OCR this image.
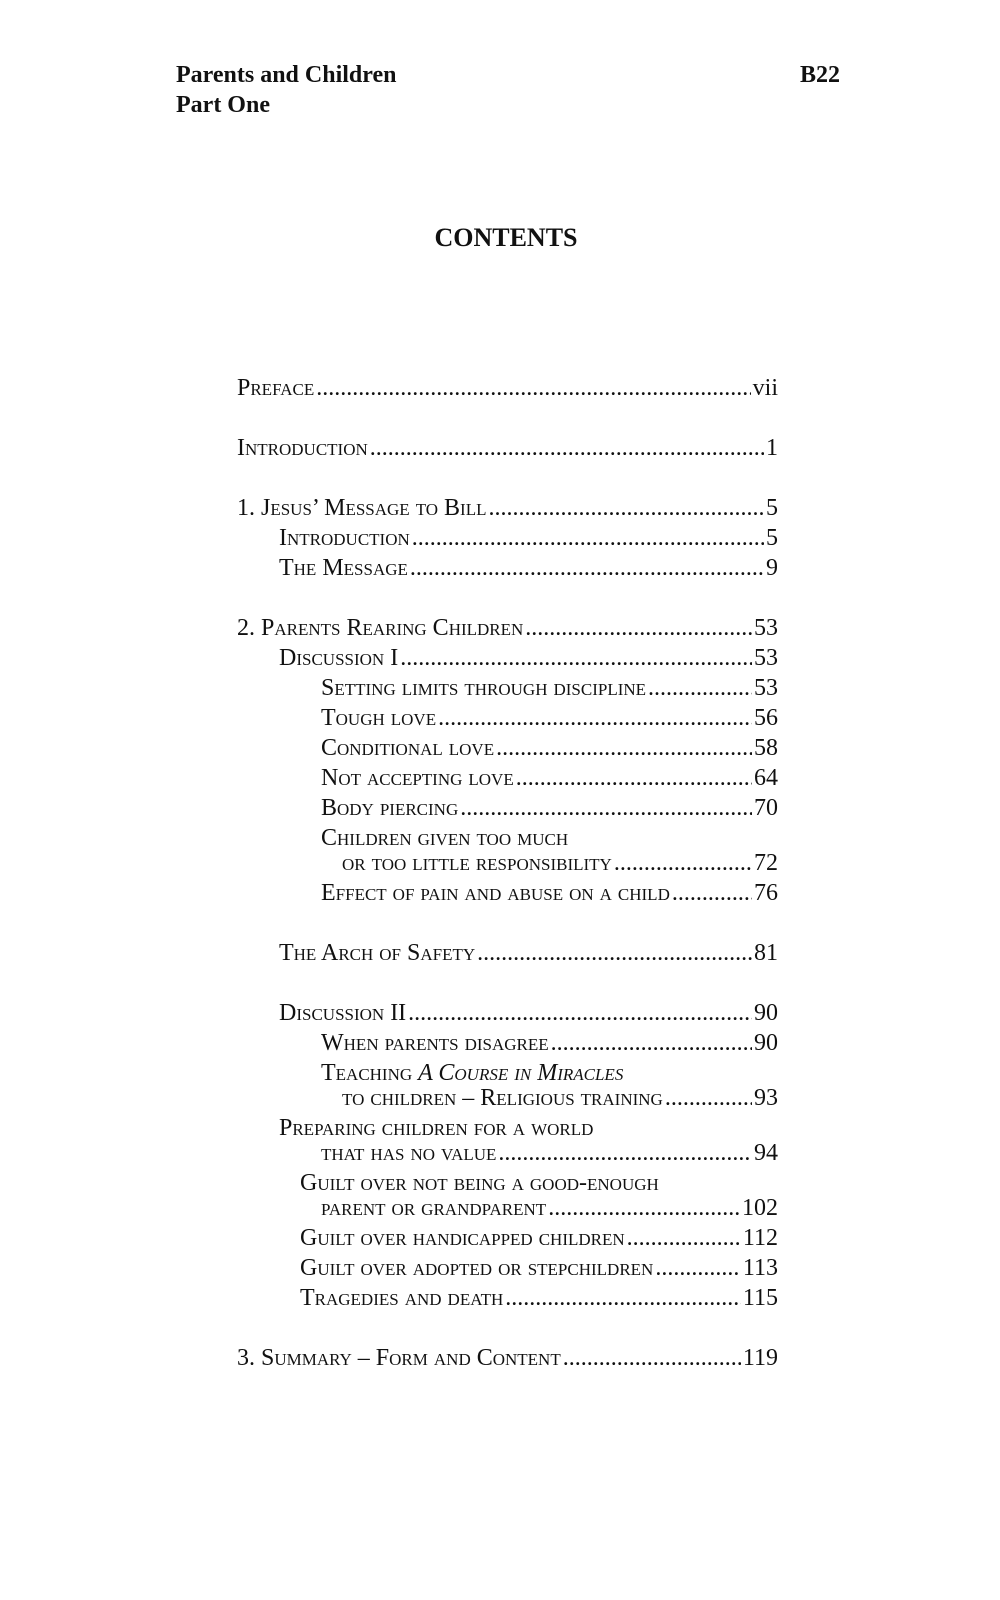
Parents and Children
Part One
B22
CONTENTS
Preface .....	vii
Introduction .....	1
1. Jesus’ Message to Bill .....	5
Introduction .....	5
The Message .....	9
2. Parents Rearing Children .....	53
Discussion I .....	53
Setting limits through discipline .....	53
Tough love .....	56
Conditional love .....	58
Not accepting love .....	64
Body piercing .....	70
Children given too much
or too little responsibility .....	72
Effect of pain and abuse on a child .....	76
The Arch of Safety .....	81
Discussion II .....	90
When parents disagree .....	90
Teaching A Course in Miracles
to children – Religious training .....	93
Preparing children for a world
that has no value .....	94
Guilt over not being a good-enough
parent or grandparent .....	102
Guilt over handicapped children .....	112
Guilt over adopted or stepchildren .....	113
Tragedies and death .....	115
3. Summary – Form and Content .....	119
